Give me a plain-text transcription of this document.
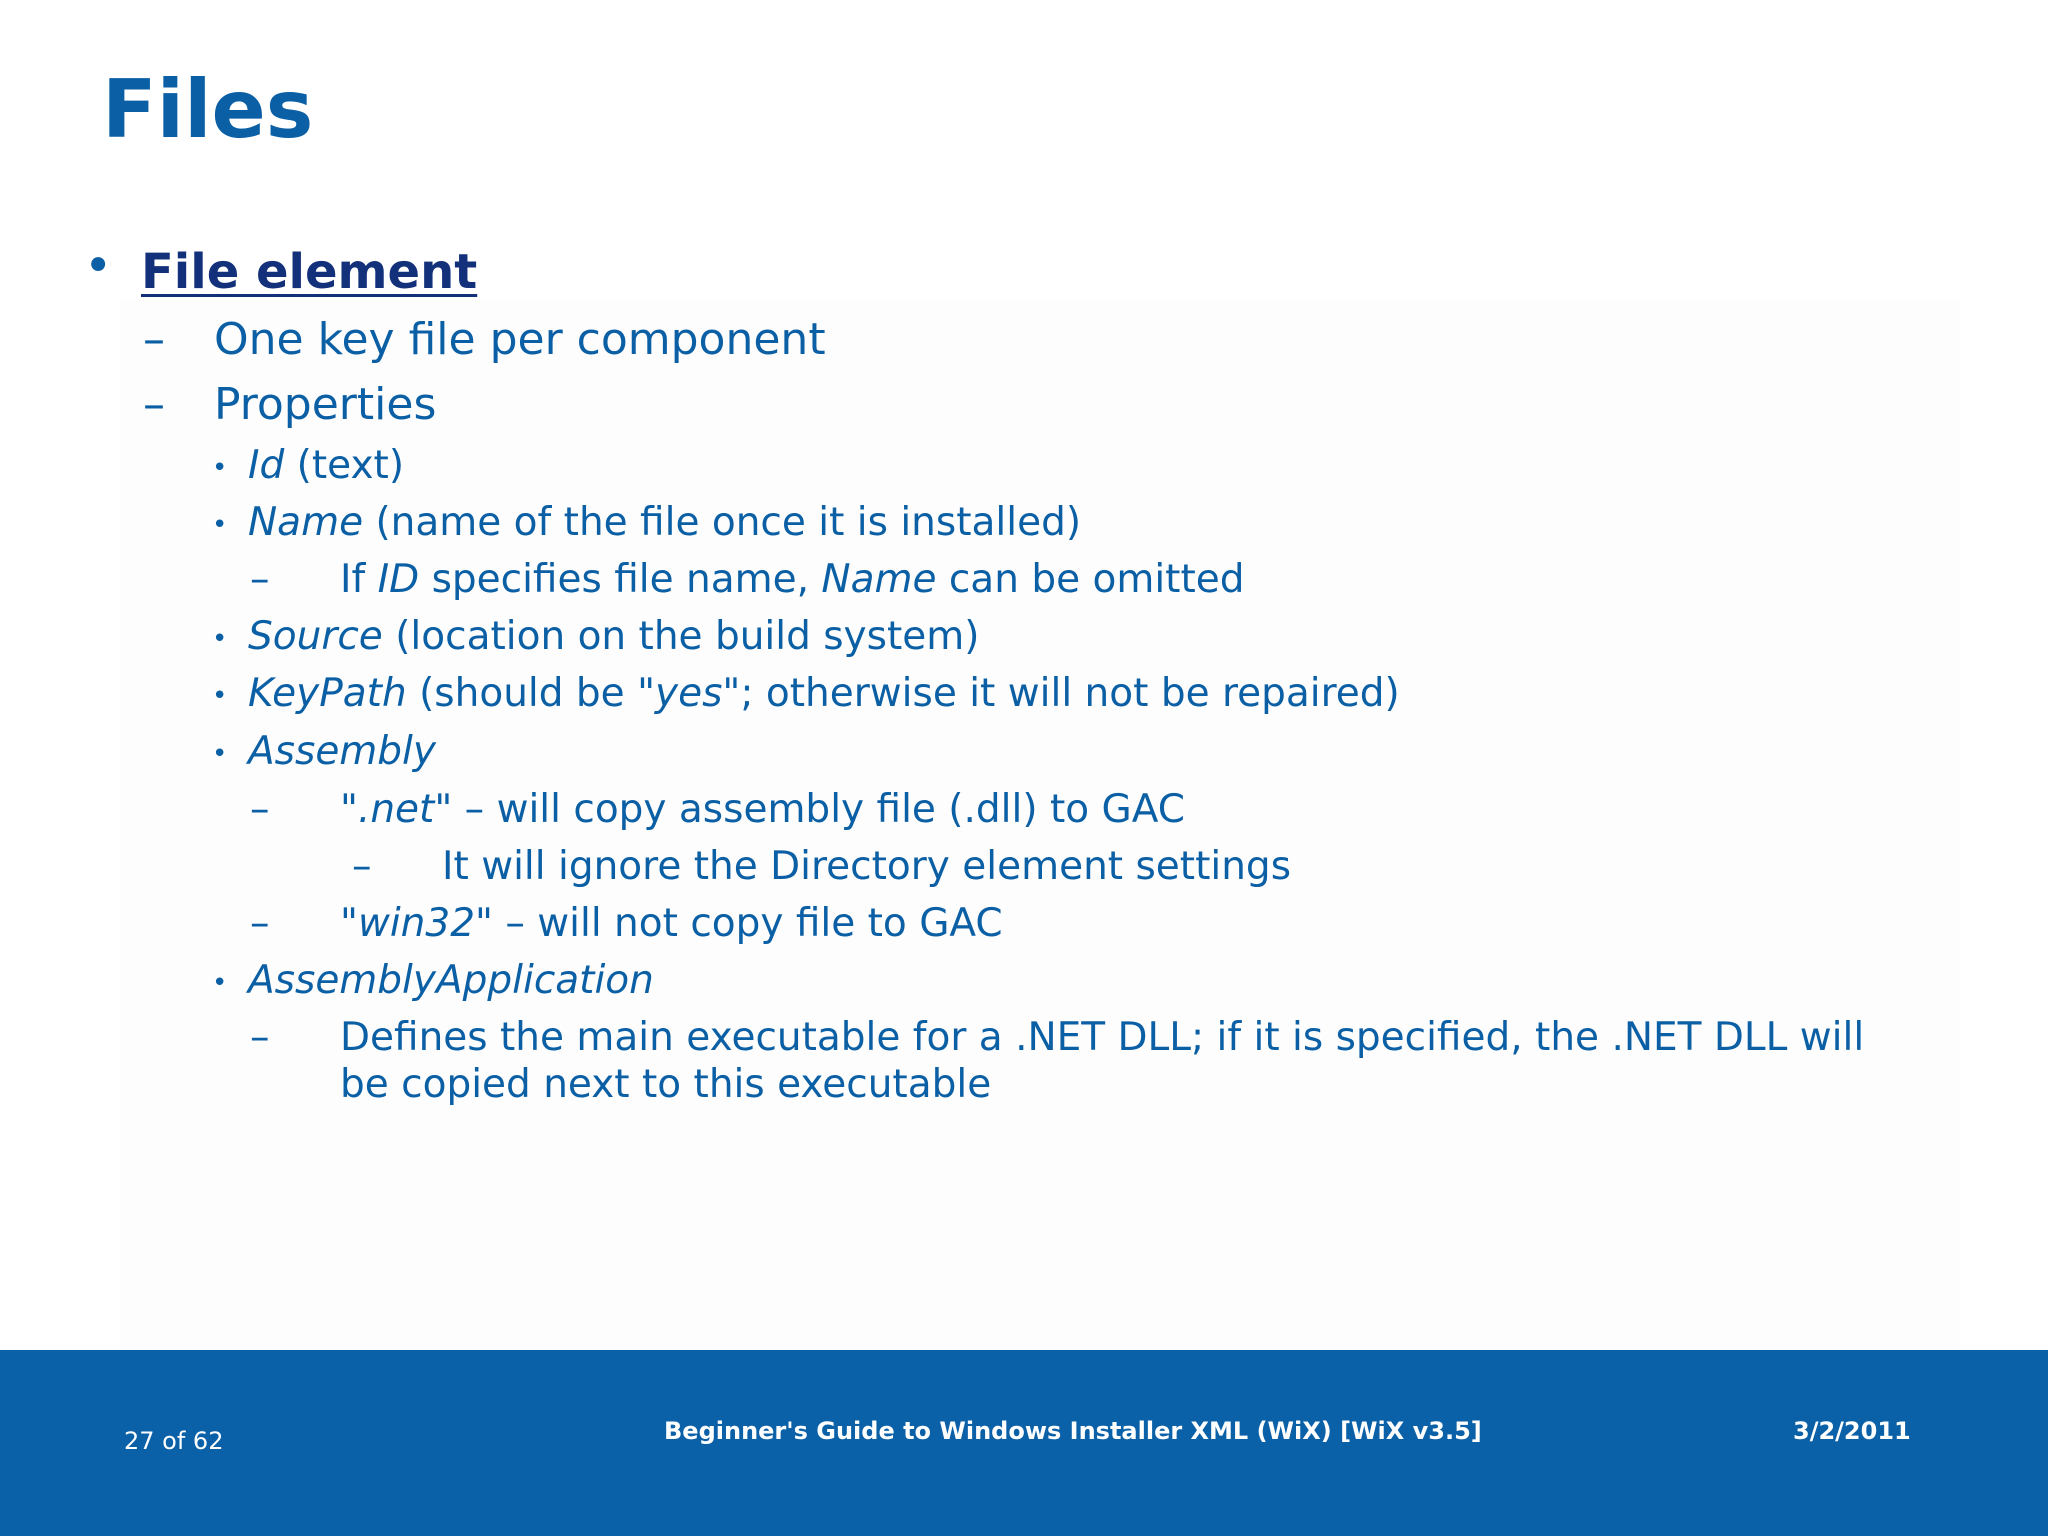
Files
• File element
– One key file per component
– Properties
• Id (text)
• Name (name of the file once it is installed)
– If ID specifies file name, Name can be omitted
• Source (location on the build system)
• KeyPath (should be "yes"; otherwise it will not be repaired)
• Assembly
– ".net" – will copy assembly file (.dll) to GAC
– It will ignore the Directory element settings
– "win32" – will not copy file to GAC
• AssemblyApplication
– Defines the main executable for a .NET DLL; if it is specified, the .NET DLL will
be copied next to this executable
27 of 62	Beginner's Guide to Windows Installer XML (WiX) [WiX v3.5]	3/2/2011
